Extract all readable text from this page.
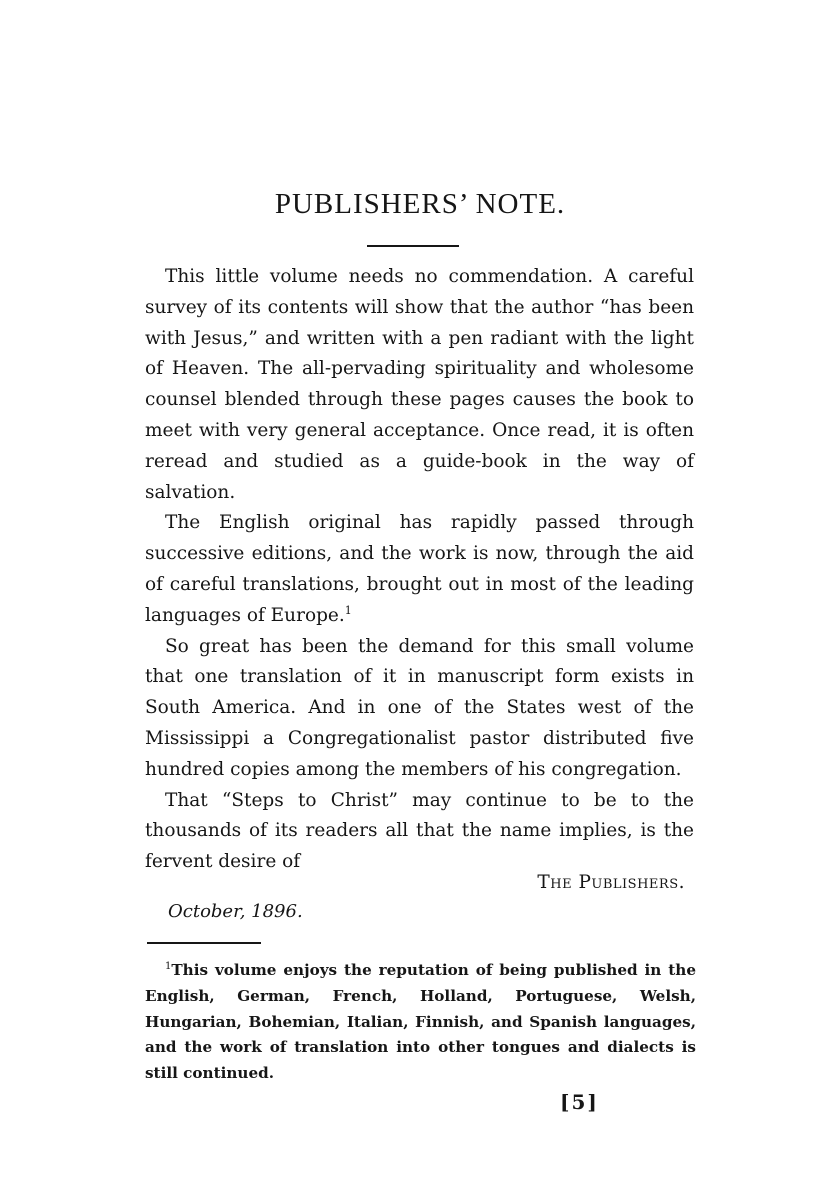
PUBLISHERS’ NOTE.

This little volume needs no commendation. A careful survey of its contents will show that the author “has been with Jesus,” and written with a pen radiant with the light of Heaven. The all-pervading spirituality and wholesome counsel blended through these pages causes the book to meet with very general acceptance. Once read, it is often reread and studied as a guide-book in the way of salvation.

The English original has rapidly passed through successive editions, and the work is now, through the aid of careful translations, brought out in most of the leading languages of Europe.$^1$

So great has been the demand for this small volume that one translation of it in manuscript form exists in South America. And in one of the States west of the Mississippi a Congregationalist pastor distributed five hundred copies among the members of his congregation.

That “Steps to Christ” may continue to be to the thousands of its readers all that the name implies, is the fervent desire of

The Publishers.
October, 1896.

$^1$This volume enjoys the reputation of being published in the English, German, French, Holland, Portuguese, Welsh, Hungarian, Bohemian, Italian, Finnish, and Spanish languages, and the work of translation into other tongues and dialects is still continued.

[5]
